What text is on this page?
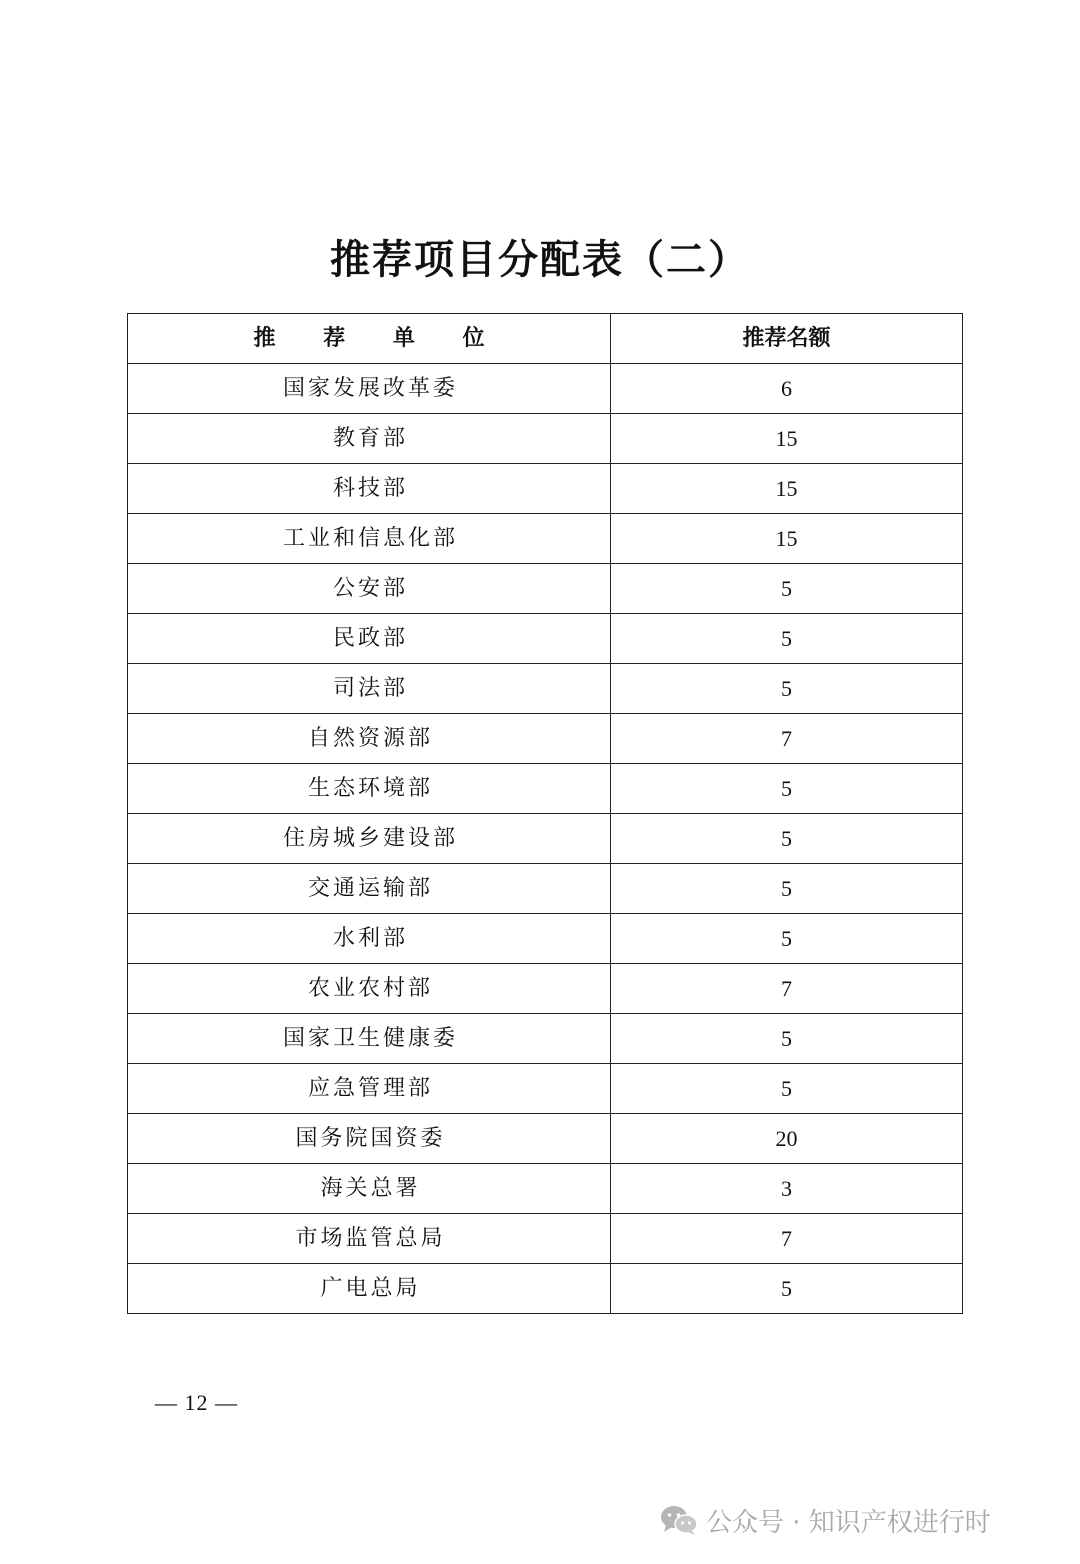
推荐项目分配表（二）
推 荐 单 位	推荐名额
国家发展改革委	6
教育部	15
科技部	15
工业和信息化部	15
公安部	5
民政部	5
司法部	5
自然资源部	7
生态环境部	5
住房城乡建设部	5
交通运输部	5
水利部	5
农业农村部	7
国家卫生健康委	5
应急管理部	5
国务院国资委	20
海关总署	3
市场监管总局	7
广电总局	5
— 12 —
公众号 · 知识产权进行时
